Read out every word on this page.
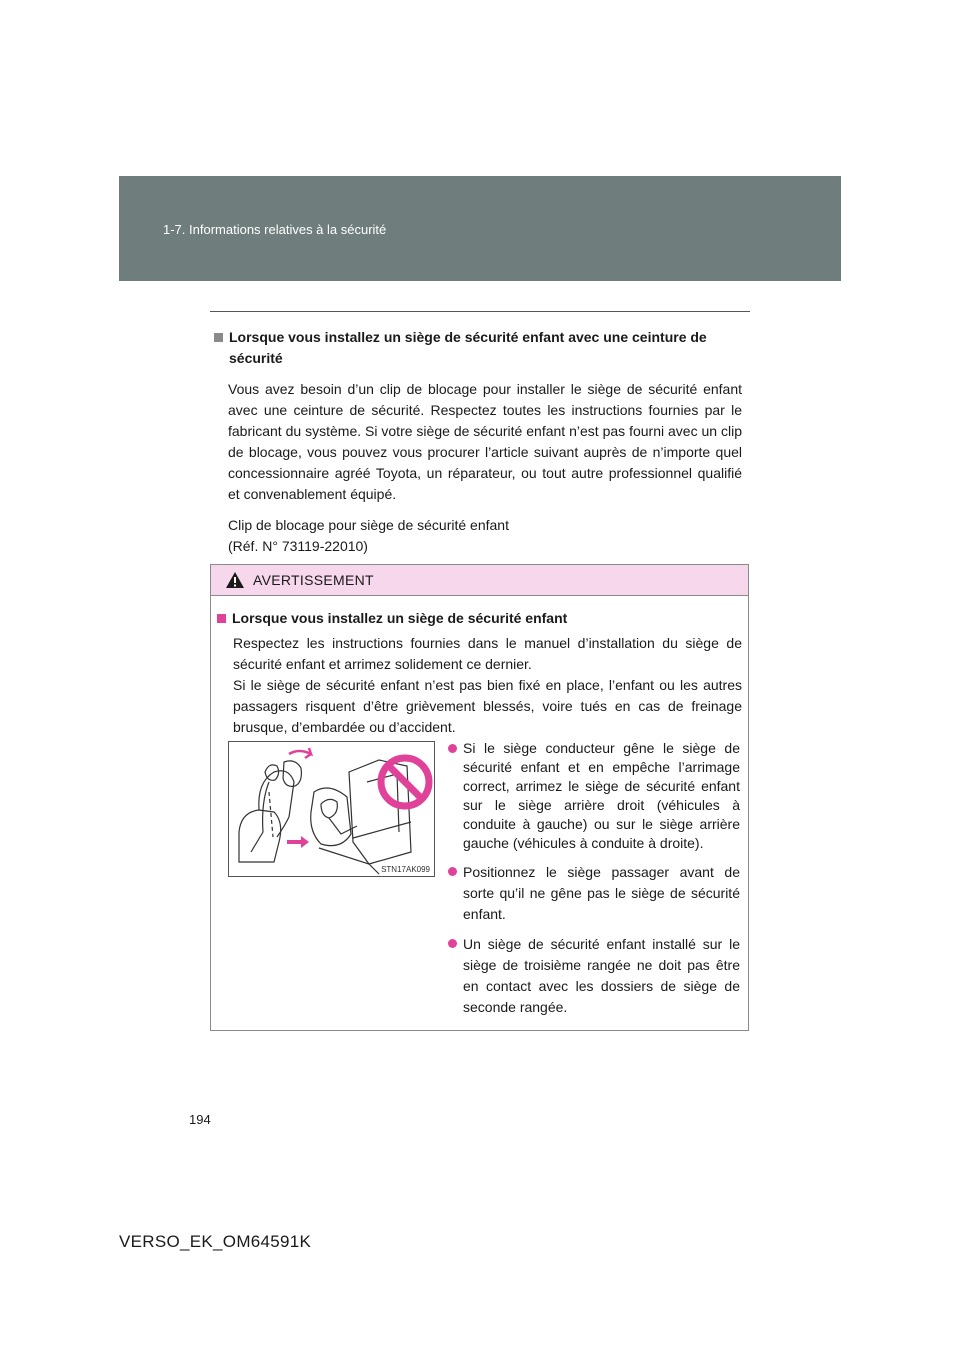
1-7. Informations relatives à la sécurité
Lorsque vous installez un siège de sécurité enfant avec une ceinture de sécurité
Vous avez besoin d’un clip de blocage pour installer le siège de sécurité enfant avec une ceinture de sécurité. Respectez toutes les instructions fournies par le fabricant du système. Si votre siège de sécurité enfant n’est pas fourni avec un clip de blocage, vous pouvez vous procurer l’article suivant auprès de n’importe quel concessionnaire agréé Toyota, un réparateur, ou tout autre professionnel qualifié et convenablement équipé.
Clip de blocage pour siège de sécurité enfant
(Réf. N° 73119-22010)
AVERTISSEMENT
Lorsque vous installez un siège de sécurité enfant
Respectez les instructions fournies dans le manuel d’installation du siège de sécurité enfant et arrimez solidement ce dernier.
Si le siège de sécurité enfant n’est pas bien fixé en place, l’enfant ou les autres passagers risquent d’être grièvement blessés, voire tués en cas de freinage brusque, d’embardée ou d’accident.
STN17AK099
Si le siège conducteur gêne le siège de sécurité enfant et en empêche l’arrimage correct, arrimez le siège de sécurité enfant sur le siège arrière droit (véhicules à conduite à gauche) ou sur le siège arrière gauche (véhicules à conduite à droite).
Positionnez le siège passager avant de sorte qu’il ne gêne pas le siège de sécurité enfant.
Un siège de sécurité enfant installé sur le siège de troisième rangée ne doit pas être en contact avec les dossiers de siège de seconde rangée.
194
VERSO_EK_OM64591K
